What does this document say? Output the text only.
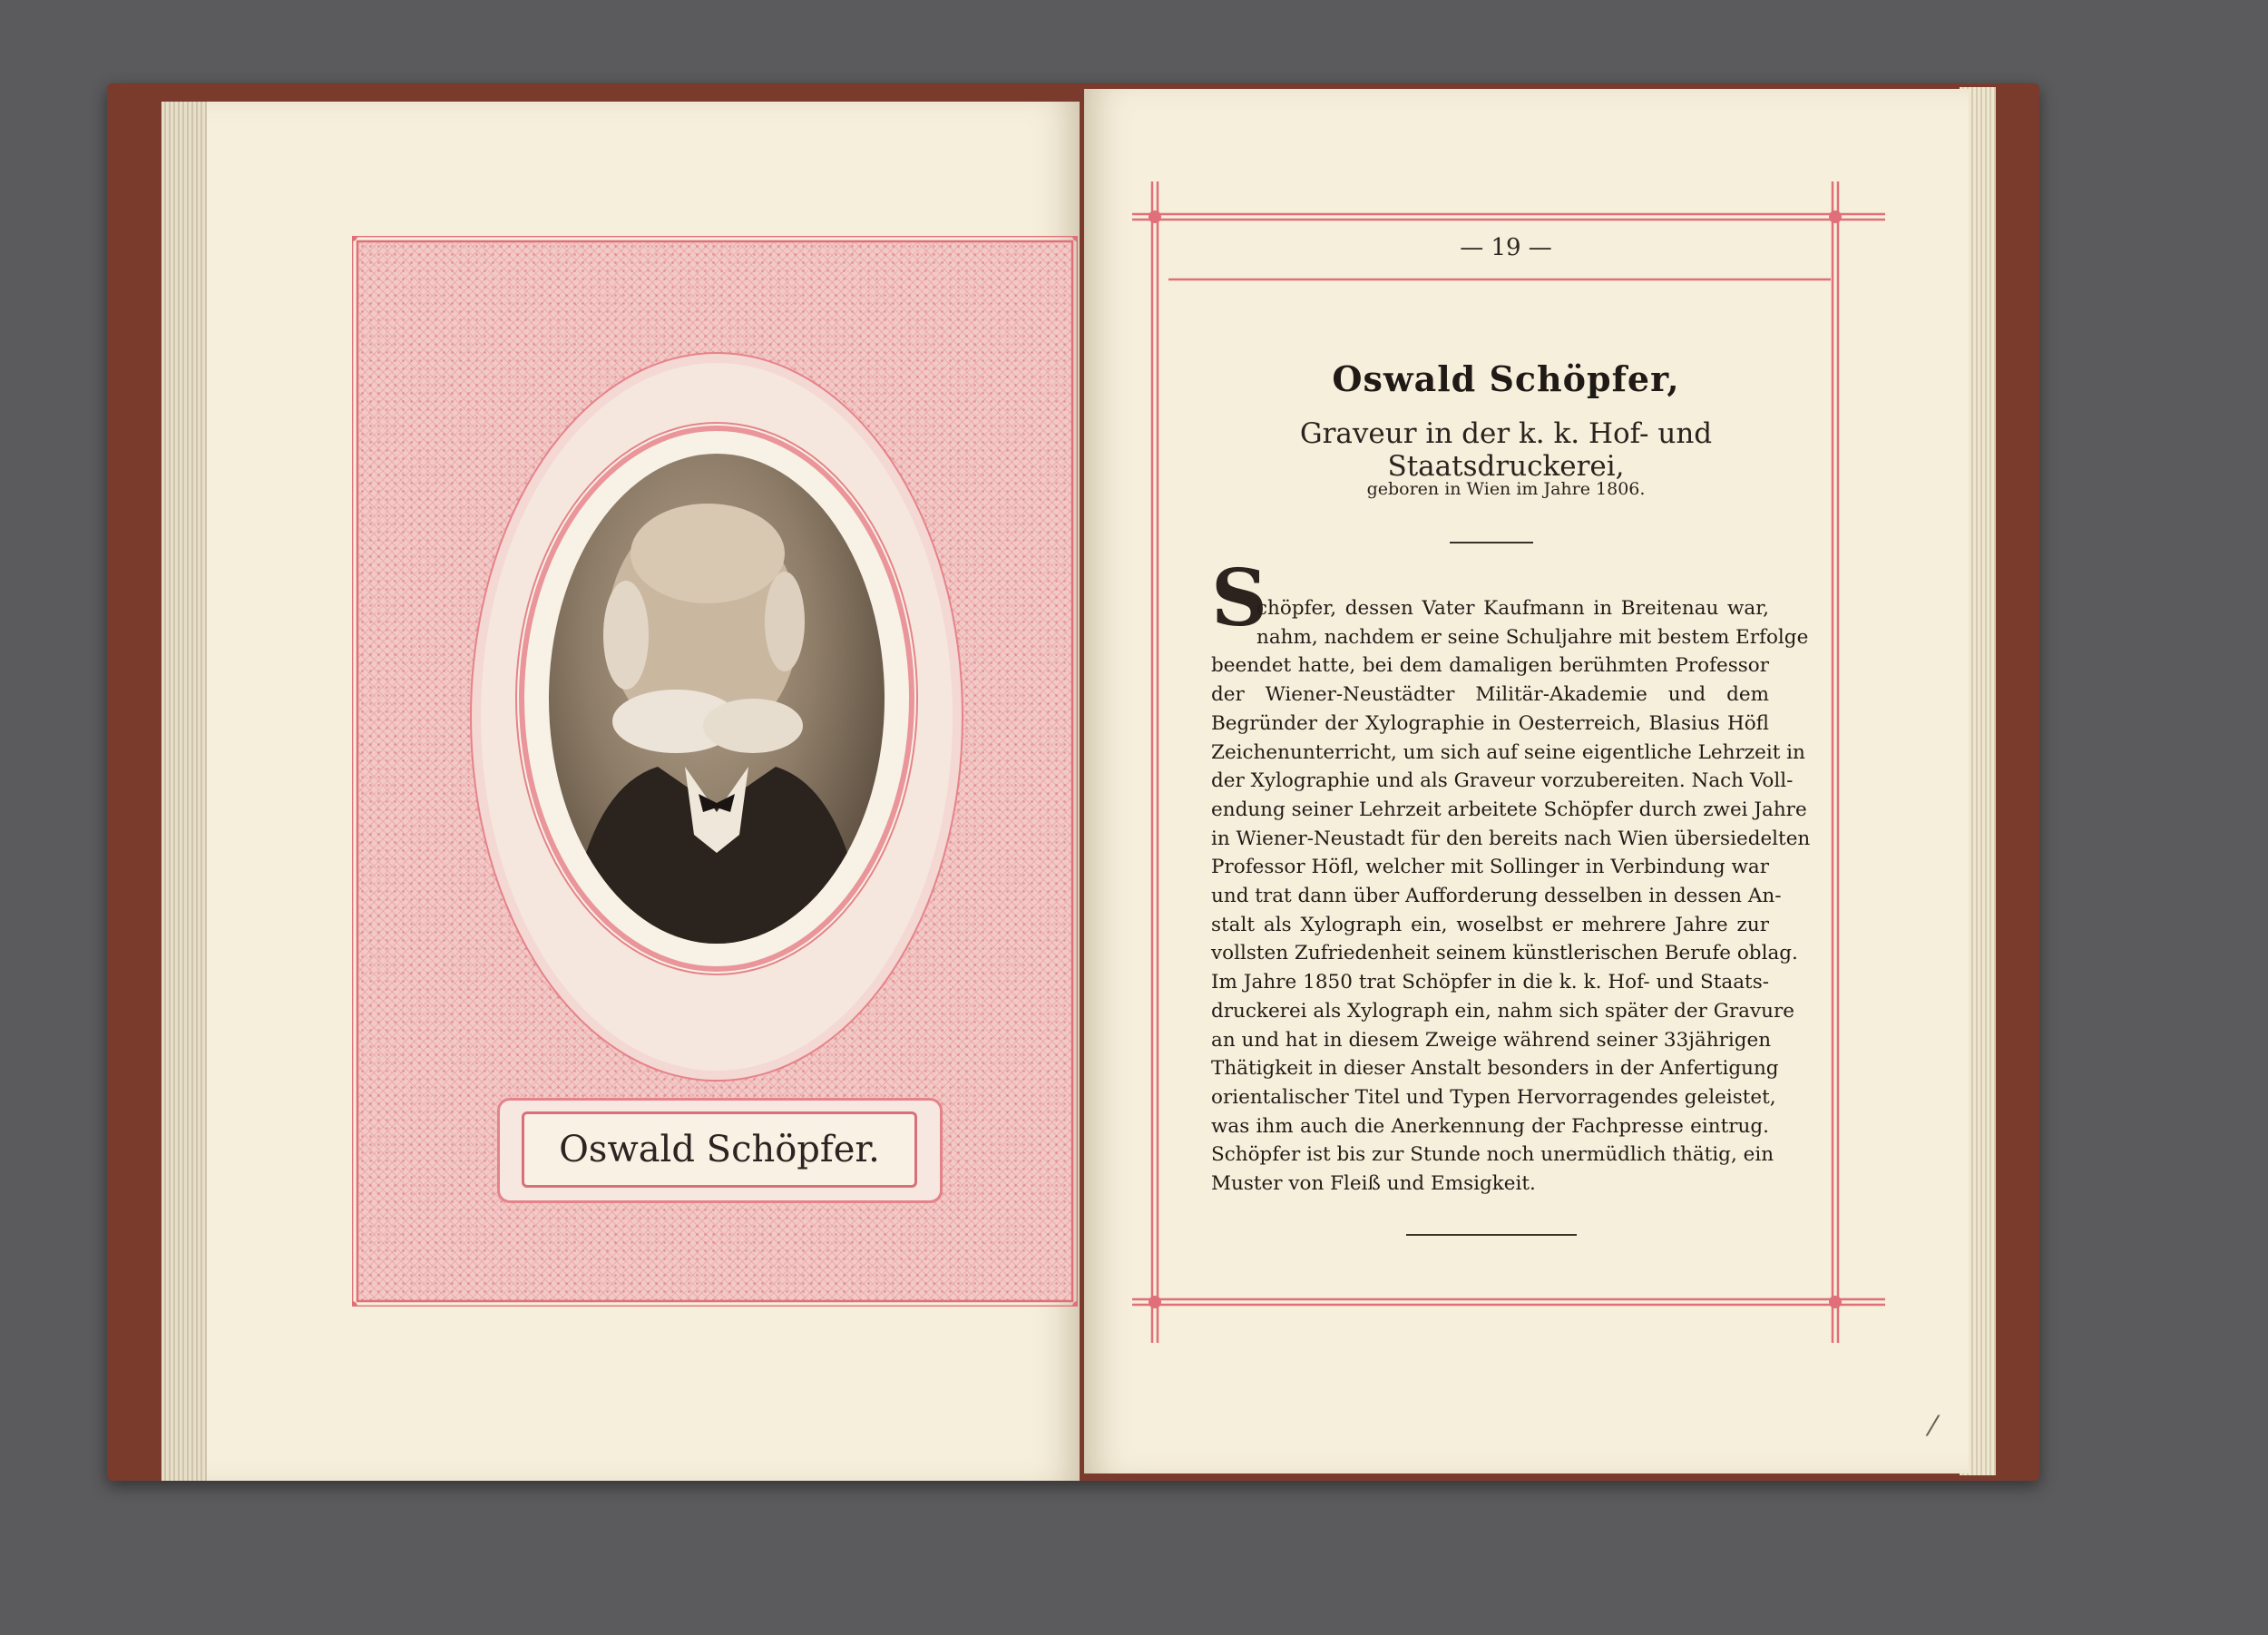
Oswald Schöpfer.
— 19 —
Oswald Schöpfer,
Graveur in der k. k. Hof- und Staatsdruckerei,
geboren in Wien im Jahre 1806.
S

chöpfer, dessen Vater Kaufmann in Breitenau war,

nahm, nachdem er seine Schuljahre mit bestem Erfolge

beendet hatte, bei dem damaligen berühmten Professor

der Wiener-Neustädter Militär-Akademie und dem

Begründer der Xylographie in Oesterreich, Blasius Höfl

Zeichenunterricht, um sich auf seine eigentliche Lehrzeit in

der Xylographie und als Graveur vorzubereiten. Nach Voll-

endung seiner Lehrzeit arbeitete Schöpfer durch zwei Jahre

in Wiener-Neustadt für den bereits nach Wien übersiedelten

Professor Höfl, welcher mit Sollinger in Verbindung war

und trat dann über Aufforderung desselben in dessen An-

stalt als Xylograph ein, woselbst er mehrere Jahre zur

vollsten Zufriedenheit seinem künstlerischen Berufe oblag.

Im Jahre 1850 trat Schöpfer in die k. k. Hof- und Staats-

druckerei als Xylograph ein, nahm sich später der Gravure

an und hat in diesem Zweige während seiner 33jährigen

Thätigkeit in dieser Anstalt besonders in der Anfertigung

orientalischer Titel und Typen Hervorragendes geleistet,

was ihm auch die Anerkennung der Fachpresse eintrug.

Schöpfer ist bis zur Stunde noch unermüdlich thätig, ein

Muster von Fleiß und Emsigkeit.

⁄
